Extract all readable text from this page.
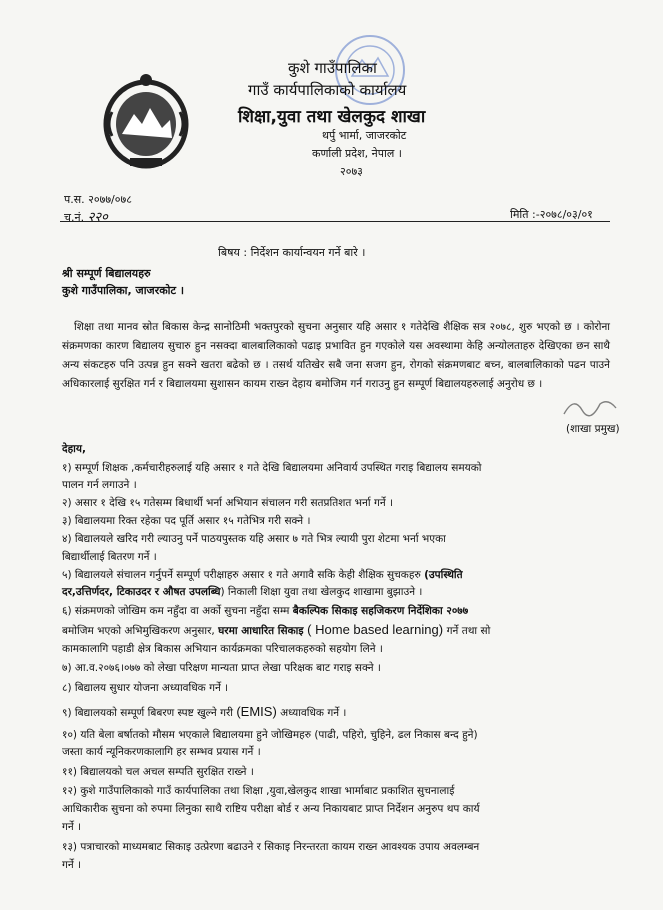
कुशे गाउँपालिका
गाउँ कार्यपालिकाको कार्यालय
शिक्षा,युवा तथा खेलकुद शाखा
थर्पु भार्मा, जाजरकोट
कर्णाली प्रदेश, नेपाल ।
२०७३
प.स. २०७७/०७८
च.नं. २२०	मिति :-२०७८/०३/०१
बिषय : निर्देशन कार्यान्वयन गर्ने बारे ।
श्री सम्पूर्ण बिद्यालयहरु
कुशे गाउँपालिका, जाजरकोट ।
शिक्षा तथा मानव स्रोत बिकास केन्द्र सानोठिमी भक्तपुरको सुचना अनुसार यहि असार १ गतेदेखि शैक्षिक सत्र २०७८, शुरु भएको छ । कोरोना संक्रमणका कारण बिद्यालय सुचारु हुन नसक्दा बालबालिकाको पढाइ प्रभावित हुन गएकोले यस अवस्थामा केहि अन्योलताहरु देखिएका छन साथै अन्य संकटहरु पनि उत्पन्न हुन सक्ने खतरा बढेको छ । तसर्थ यतिखेर सबै जना सजग हुन, रोगको संक्रमणबाट बच्न, बालबालिकाको पढन पाउने अधिकारलाई सुरक्षित गर्न र बिद्यालयमा सुशासन कायम राख्न देहाय बमोजिम गर्न गराउनु हुन सम्पूर्ण बिद्यालयहरुलाई अनुरोध छ ।
(शाखा प्रमुख)
देहाय,
१) सम्पूर्ण शिक्षक ,कर्मचारीहरुलाई यहि असार १ गते देखि बिद्यालयमा अनिवार्य उपस्थित गराइ बिद्यालय समयको
पालन गर्न लगाउने ।
२) असार १ देखि १५ गतेसम्म बिधार्थी भर्ना अभियान संचालन गरी सतप्रतिशत भर्ना गर्ने ।
३) बिद्यालयमा रिक्त रहेका पद पूर्ति असार १५ गतेभित्र गरी सक्ने ।
४) बिद्यालयले खरिद गरी ल्याउनु पर्ने पाठयपुस्तक यहि असार ७ गते भित्र ल्यायी पुरा शेटमा भर्ना भएका
बिद्यार्थीलाई बितरण गर्ने ।
५) बिद्यालयले संचालन गर्नुपर्ने सम्पूर्ण परीक्षाहरु असार १ गते अगावै सकि केही शैक्षिक सुचकहरु (उपस्थिति
दर,उत्तिर्णदर, टिकाउदर र औषत उपलब्धि) निकाली शिक्षा युवा तथा खेलकुद शाखामा बुझाउने ।
६) संक्रमणको जोखिम कम नहुँदा वा अर्को सुचना नहुँदा सम्म बैकल्पिक सिकाइ सहजिकरण निर्देशिका २०७७
बमोजिम भएको अभिमुखिकरण अनुसार, घरमा आधारित सिकाइ ( Home based learning) गर्ने तथा सो
कामकालागि पहाडी क्षेत्र बिकास अभियान कार्यक्रमका परिचालकहरुको सहयोग लिने ।
७) आ.व.२०७६।०७७ को लेखा परिक्षण मान्यता प्राप्त लेखा परिक्षक बाट गराइ सक्ने ।
८) बिद्यालय सुधार योजना अध्यावधिक गर्ने ।
९) बिद्यालयको सम्पूर्ण बिबरण स्पष्ट खुल्ने गरी (EMIS) अध्यावधिक गर्ने ।
१०) यति बेला बर्षातको मौसम भएकाले बिद्यालयमा हुने जोखिमहरु (पाढी, पहिरो, चुहिने, ढल निकास बन्द हुने)
जस्ता कार्य न्यूनिकरणकालागि हर सम्भव प्रयास गर्ने ।
११) बिद्यालयको चल अचल सम्पति सुरक्षित राख्ने ।
१२) कुशे गाउँपालिकाको गाउँ कार्यपालिका तथा शिक्षा ,युवा,खेलकुद शाखा भार्माबाट प्रकाशित सुचनालाई
आधिकारीक सुचना को रुपमा लिनुका साथै राष्टिय परीक्षा बोर्ड र अन्य निकायबाट प्राप्त निर्देशन अनुरुप थप कार्य
गर्ने ।
१३) पत्राचारको माध्यमबाट सिकाइ उत्प्रेरणा बढाउने र सिकाइ निरन्तरता कायम राख्न आवश्यक उपाय अवलम्बन
गर्ने ।
